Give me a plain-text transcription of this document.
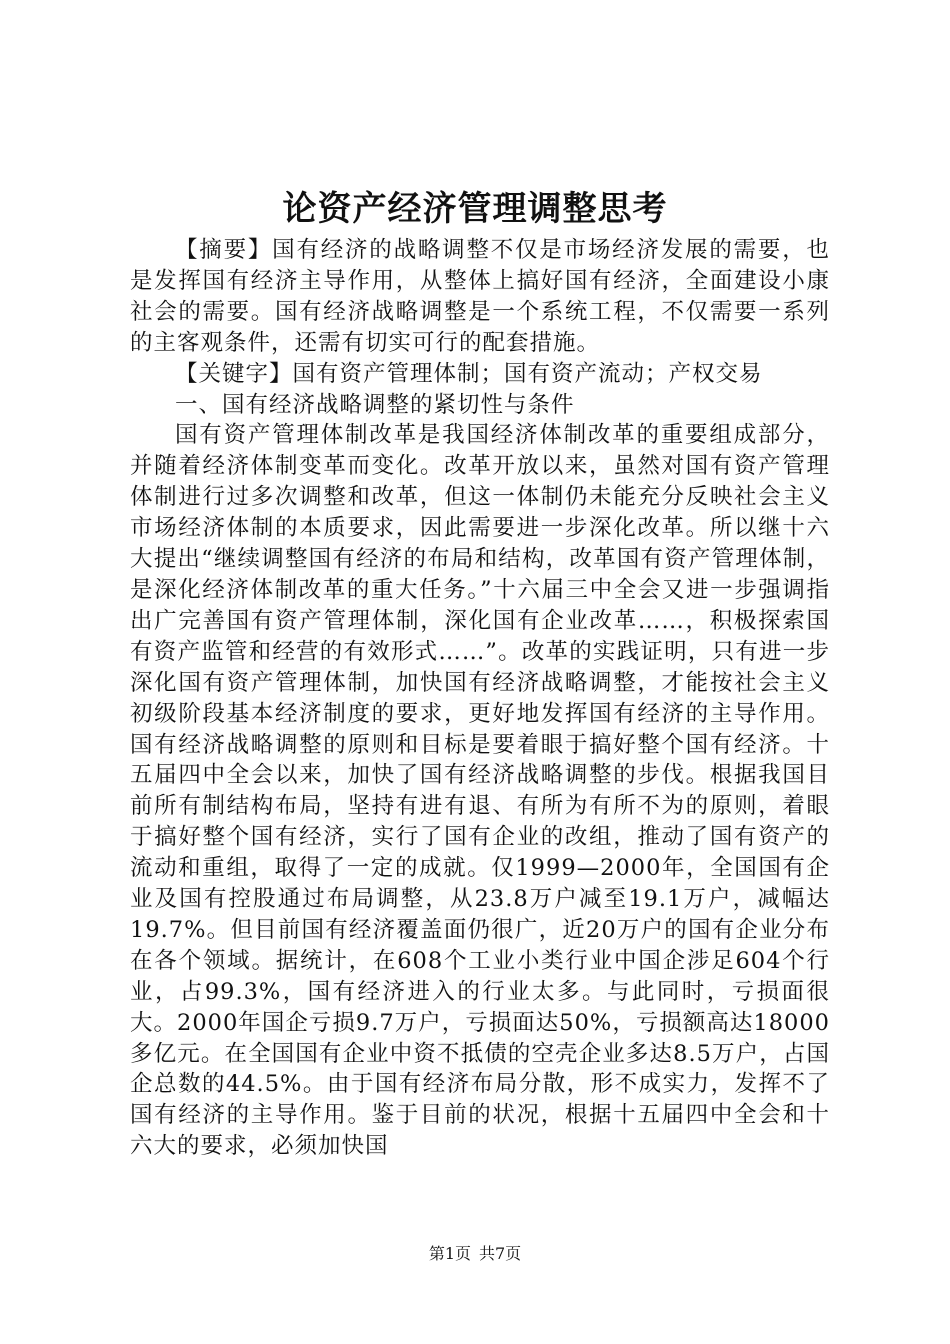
论资产经济管理调整思考

【摘要】国有经济的战略调整不仅是市场经济发展的需要，也是发挥国有经济主导作用，从整体上搞好国有经济，全面建设小康社会的需要。国有经济战略调整是一个系统工程，不仅需要一系列的主客观条件，还需有切实可行的配套措施。

【关键字】国有资产管理体制；国有资产流动；产权交易

一、国有经济战略调整的紧切性与条件

国有资产管理体制改革是我国经济体制改革的重要组成部分，并随着经济体制变革而变化。改革开放以来，虽然对国有资产管理体制进行过多次调整和改革，但这一体制仍未能充分反映社会主义市场经济体制的本质要求，因此需要进一步深化改革。所以继十六大提出“继续调整国有经济的布局和结构，改革国有资产管理体制，是深化经济体制改革的重大任务。”十六届三中全会又进一步强调指出广完善国有资产管理体制，深化国有企业改革……，积极探索国有资产监管和经营的有效形式……”。改革的实践证明，只有进一步深化国有资产管理体制，加快国有经济战略调整，才能按社会主义初级阶段基本经济制度的要求，更好地发挥国有经济的主导作用。国有经济战略调整的原则和目标是要着眼于搞好整个国有经济。十五届四中全会以来，加快了国有经济战略调整的步伐。根据我国目前所有制结构布局，坚持有进有退、有所为有所不为的原则，着眼于搞好整个国有经济，实行了国有企业的改组，推动了国有资产的流动和重组，取得了一定的成就。仅1999—2000年，全国国有企业及国有控股通过布局调整，从23.8万户减至19.1万户，减幅达19.7%。但目前国有经济覆盖面仍很广，近20万户的国有企业分布在各个领域。据统计，在608个工业小类行业中国企涉足604个行业，占99.3%，国有经济进入的行业太多。与此同时，亏损面很大。2000年国企亏损9.7万户，亏损面达50%，亏损额高达18000多亿元。在全国国有企业中资不抵债的空壳企业多达8.5万户，占国企总数的44.5%。由于国有经济布局分散，形不成实力，发挥不了国有经济的主导作用。鉴于目前的状况，根据十五届四中全会和十六大的要求，必须加快国

第1页 共7页
